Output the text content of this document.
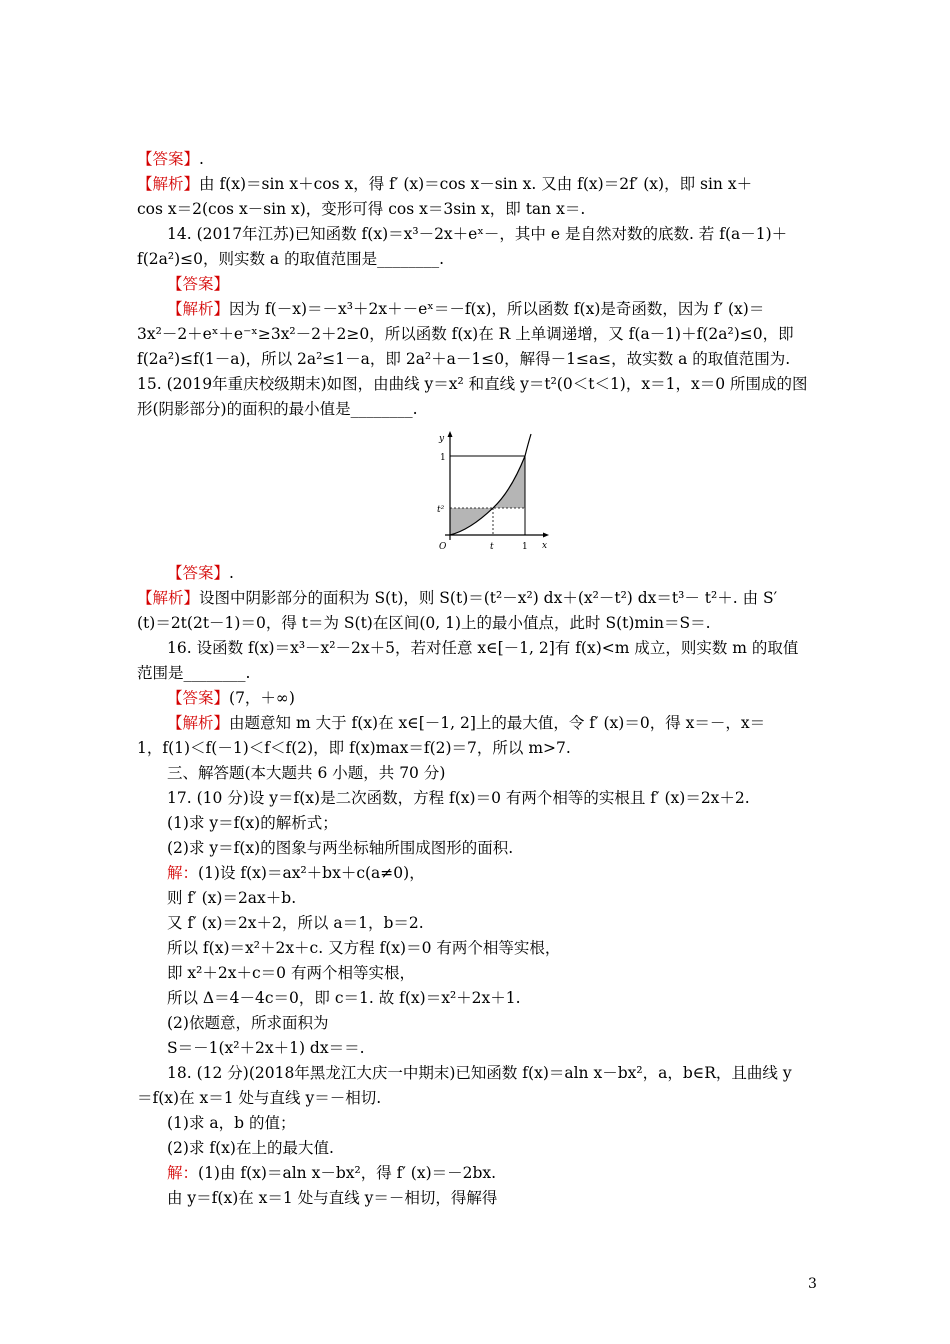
【答案】.
【解析】由 f(x)＝sin x＋cos x，得 f′ (x)＝cos x－sin x. 又由 f(x)＝2f′ (x)，即 sin x＋
cos x＝2(cos x－sin x)，变形可得 cos x＝3sin x，即 tan x＝.
14. (2017年江苏)已知函数 f(x)＝x³－2x＋eˣ－，其中 e 是自然对数的底数. 若 f(a－1)＋
f(2a²)≤0，则实数 a 的取值范围是________.
【答案】
【解析】因为 f(－x)＝－x³＋2x＋－eˣ＝－f(x)，所以函数 f(x)是奇函数，因为 f′ (x)＝
3x²－2＋eˣ＋e⁻ˣ≥3x²－2＋2≥0，所以函数 f(x)在 R 上单调递增，又 f(a－1)＋f(2a²)≤0，即
f(2a²)≤f(1－a)，所以 2a²≤1－a，即 2a²＋a－1≤0，解得－1≤a≤，故实数 a 的取值范围为.
15. (2019年重庆校级期末)如图，由曲线 y＝x² 和直线 y＝t²(0＜t＜1)，x＝1，x＝0 所围成的图
形(阴影部分)的面积的最小值是________.
【答案】.
【解析】设图中阴影部分的面积为 S(t)，则 S(t)＝(t²－x²) dx＋(x²－t²) dx＝t³－ t²＋. 由 S′
(t)＝2t(2t－1)＝0，得 t＝为 S(t)在区间(0, 1)上的最小值点，此时 S(t)min＝S＝.
16. 设函数 f(x)＝x³－x²－2x＋5，若对任意 x∈[－1, 2]有 f(x)<m 成立，则实数 m 的取值
范围是________.
【答案】(7，＋∞)
【解析】由题意知 m 大于 f(x)在 x∈[－1, 2]上的最大值，令 f′ (x)＝0，得 x＝－，x＝
1，f(1)＜f(－1)＜f＜f(2)，即 f(x)max＝f(2)＝7，所以 m>7.
三、解答题(本大题共 6 小题，共 70 分)
17. (10 分)设 y＝f(x)是二次函数，方程 f(x)＝0 有两个相等的实根且 f′ (x)＝2x＋2.
(1)求 y＝f(x)的解析式；
(2)求 y＝f(x)的图象与两坐标轴所围成图形的面积.
解：(1)设 f(x)＝ax²＋bx＋c(a≠0)，
则 f′ (x)＝2ax＋b.
又 f′ (x)＝2x＋2，所以 a＝1，b＝2.
所以 f(x)＝x²＋2x＋c. 又方程 f(x)＝0 有两个相等实根，
即 x²＋2x＋c＝0 有两个相等实根，
所以 Δ＝4－4c＝0，即 c＝1. 故 f(x)＝x²＋2x＋1.
(2)依题意，所求面积为
S＝－1(x²＋2x＋1) dx＝＝.
18. (12 分)(2018年黑龙江大庆一中期末)已知函数 f(x)＝aln x－bx²，a，b∈R，且曲线 y
＝f(x)在 x＝1 处与直线 y＝－相切.
(1)求 a，b 的值；
(2)求 f(x)在上的最大值.
解：(1)由 f(x)＝aln x－bx²，得 f′ (x)＝－2bx.
由 y＝f(x)在 x＝1 处与直线 y＝－相切，得解得
y
x
O	t	1
1
t²
3
